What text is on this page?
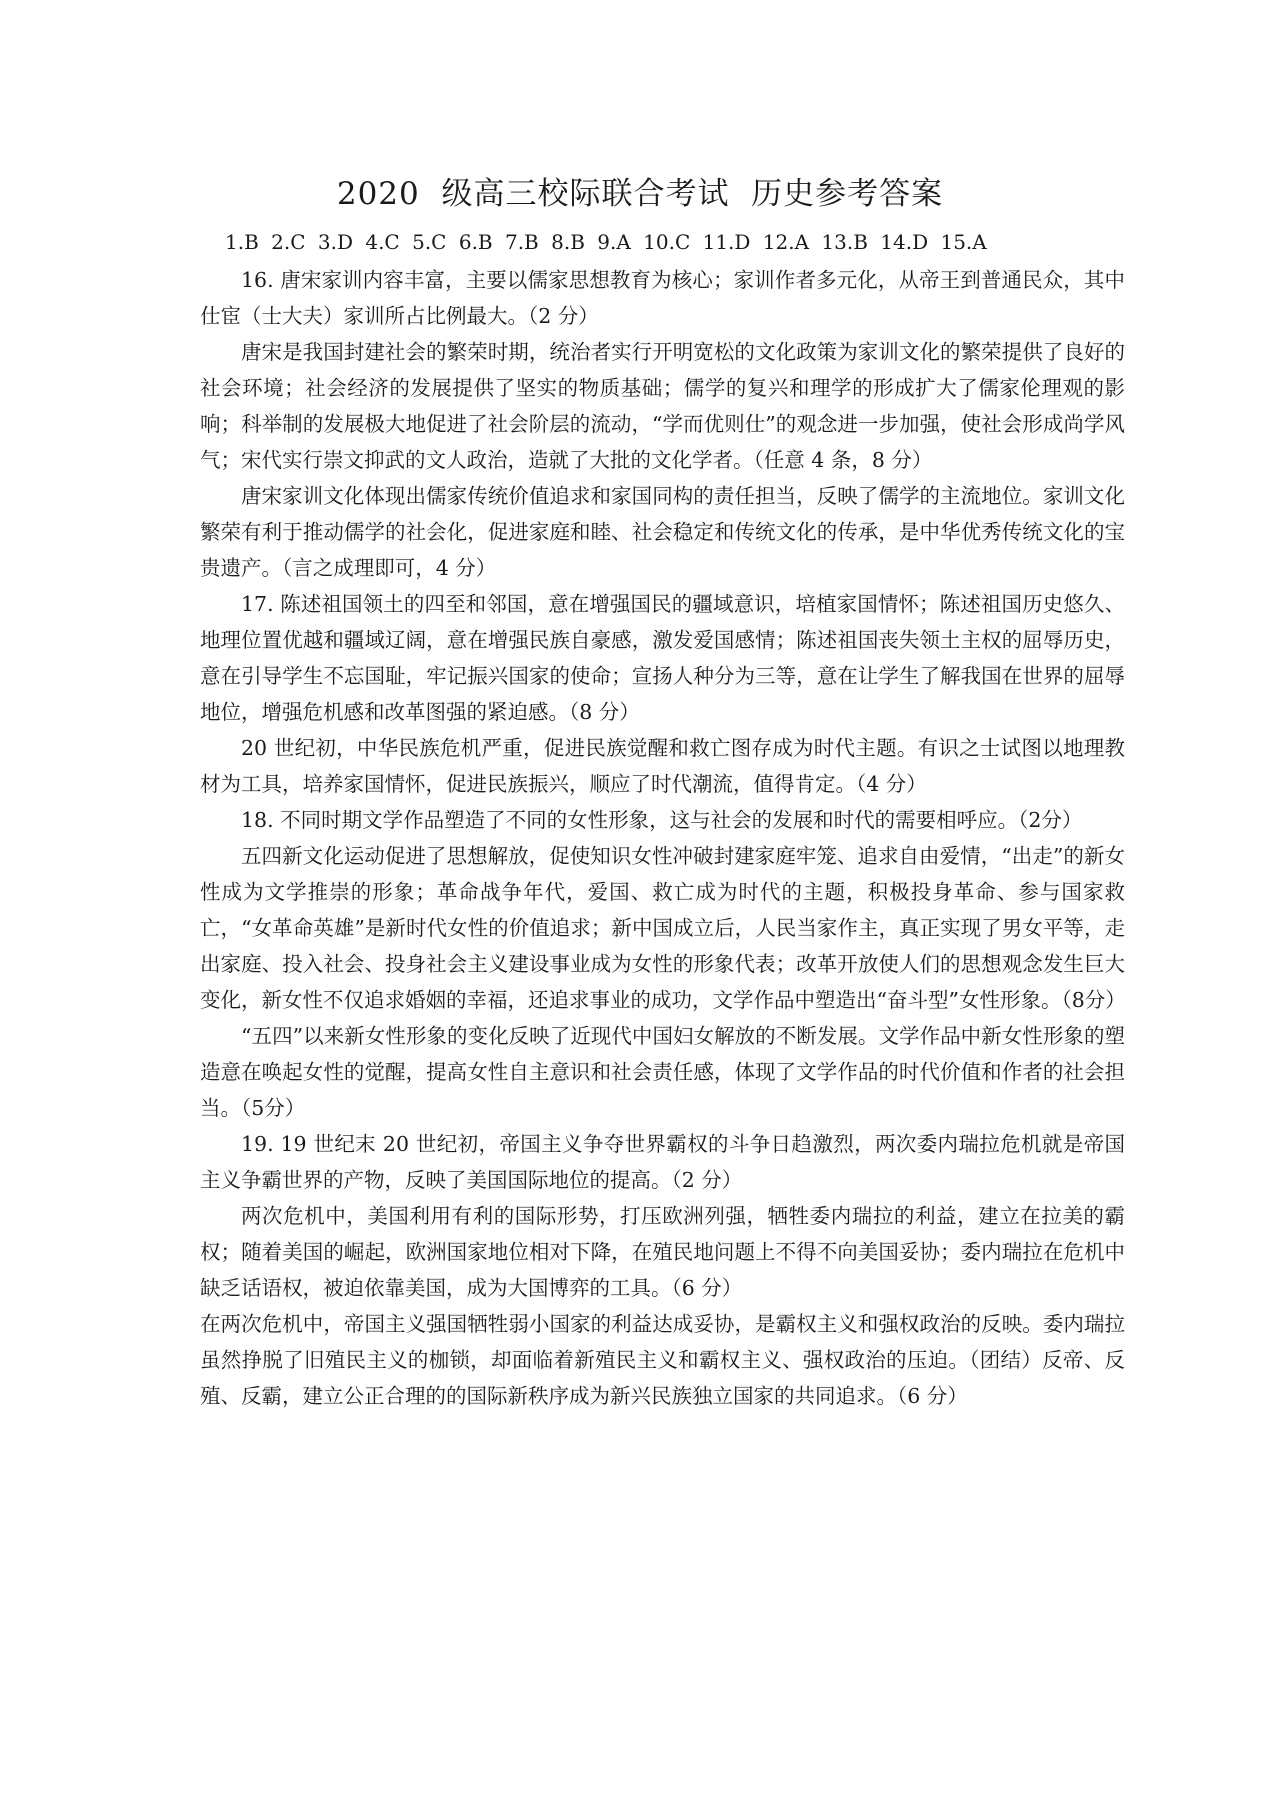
2020  级高三校际联合考试  历史参考答案
1.B 2.C 3.D 4.C 5.C 6.B 7.B 8.B 9.A 10.C 11.D 12.A 13.B 14.D 15.A

16. 唐宋家训内容丰富，主要以儒家思想教育为核心；家训作者多元化，从帝王到普通民众，其中仕宦（士大夫）家训所占比例最大。（2 分）

唐宋是我国封建社会的繁荣时期，统治者实行开明宽松的文化政策为家训文化的繁荣提供了良好的社会环境；社会经济的发展提供了坚实的物质基础；儒学的复兴和理学的形成扩大了儒家伦理观的影响；科举制的发展极大地促进了社会阶层的流动，“学而优则仕”的观念进一步加强，使社会形成尚学风气；宋代实行崇文抑武的文人政治，造就了大批的文化学者。（任意 4 条，8 分）

唐宋家训文化体现出儒家传统价值追求和家国同构的责任担当，反映了儒学的主流地位。家训文化繁荣有利于推动儒学的社会化，促进家庭和睦、社会稳定和传统文化的传承，是中华优秀传统文化的宝贵遗产。（言之成理即可，4 分）

17. 陈述祖国领土的四至和邻国，意在增强国民的疆域意识，培植家国情怀；陈述祖国历史悠久、地理位置优越和疆域辽阔，意在增强民族自豪感，激发爱国感情；陈述祖国丧失领土主权的屈辱历史，意在引导学生不忘国耻，牢记振兴国家的使命；宣扬人种分为三等，意在让学生了解我国在世界的屈辱地位，增强危机感和改革图强的紧迫感。（8 分）

20 世纪初，中华民族危机严重，促进民族觉醒和救亡图存成为时代主题。有识之士试图以地理教材为工具，培养家国情怀，促进民族振兴，顺应了时代潮流，值得肯定。（4 分）

18. 不同时期文学作品塑造了不同的女性形象，这与社会的发展和时代的需要相呼应。（2分）

五四新文化运动促进了思想解放，促使知识女性冲破封建家庭牢笼、追求自由爱情，“出走”的新女性成为文学推崇的形象；革命战争年代，爱国、救亡成为时代的主题，积极投身革命、参与国家救亡，“女革命英雄”是新时代女性的价值追求；新中国成立后，人民当家作主，真正实现了男女平等，走出家庭、投入社会、投身社会主义建设事业成为女性的形象代表；改革开放使人们的思想观念发生巨大变化，新女性不仅追求婚姻的幸福，还追求事业的成功，文学作品中塑造出“奋斗型”女性形象。（8分）

“五四”以来新女性形象的变化反映了近现代中国妇女解放的不断发展。文学作品中新女性形象的塑造意在唤起女性的觉醒，提高女性自主意识和社会责任感，体现了文学作品的时代价值和作者的社会担当。（5分）

19. 19 世纪末 20 世纪初，帝国主义争夺世界霸权的斗争日趋激烈，两次委内瑞拉危机就是帝国主义争霸世界的产物，反映了美国国际地位的提高。（2 分）

两次危机中，美国利用有利的国际形势，打压欧洲列强，牺牲委内瑞拉的利益，建立在拉美的霸权；随着美国的崛起，欧洲国家地位相对下降，在殖民地问题上不得不向美国妥协；委内瑞拉在危机中缺乏话语权，被迫依靠美国，成为大国博弈的工具。（6 分）

在两次危机中，帝国主义强国牺牲弱小国家的利益达成妥协，是霸权主义和强权政治的反映。委内瑞拉虽然挣脱了旧殖民主义的枷锁，却面临着新殖民主义和霸权主义、强权政治的压迫。（团结）反帝、反殖、反霸，建立公正合理的的国际新秩序成为新兴民族独立国家的共同追求。（6 分）
